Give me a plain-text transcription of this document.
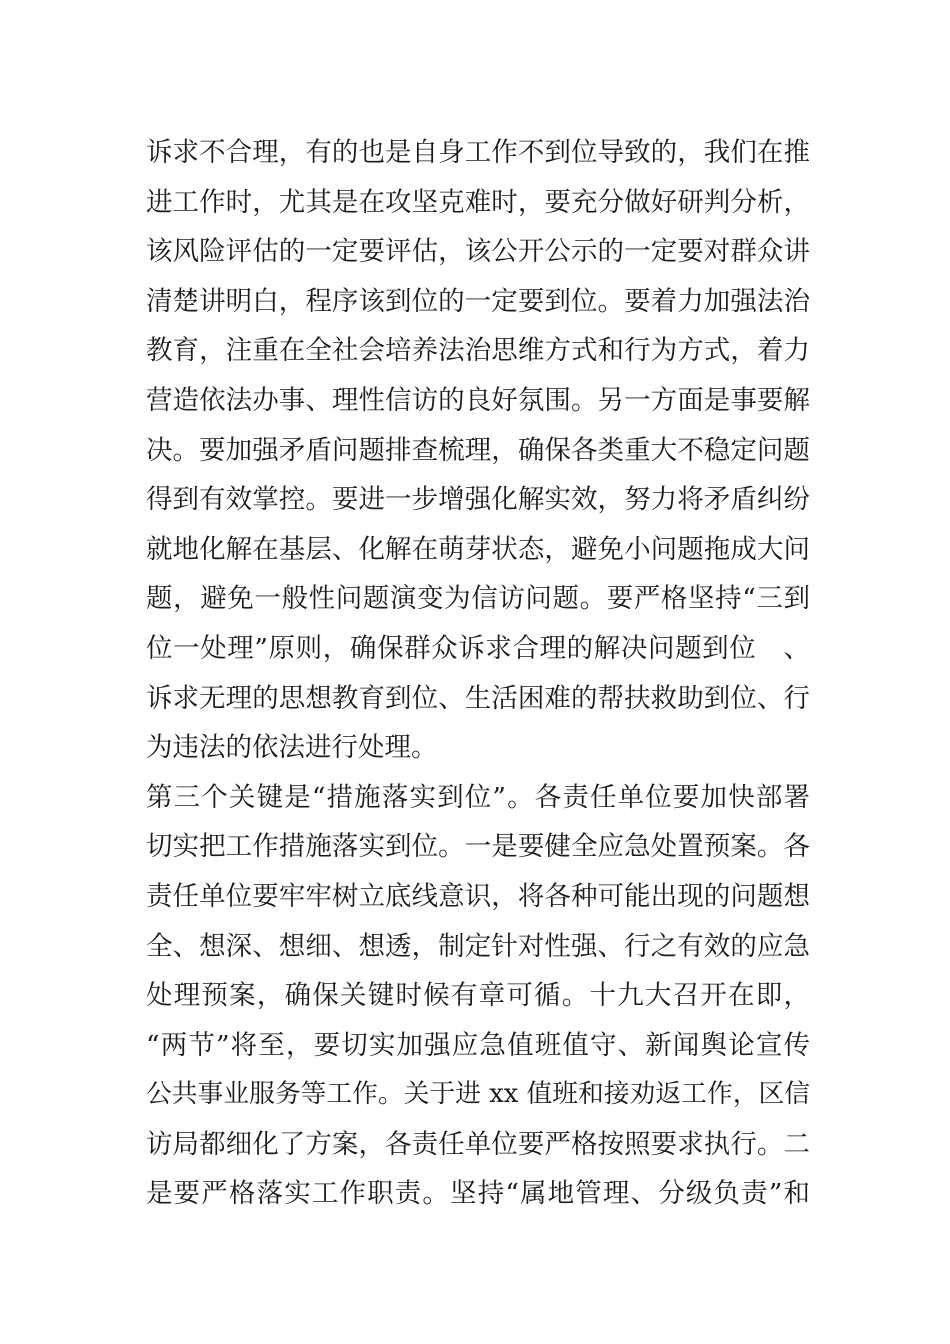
诉求不合理，有的也是自身工作不到位导致的，我们在推
进工作时，尤其是在攻坚克难时，要充分做好研判分析，
该风险评估的一定要评估，该公开公示的一定要对群众讲
清楚讲明白，程序该到位的一定要到位。要着力加强法治
教育，注重在全社会培养法治思维方式和行为方式，着力
营造依法办事、理性信访的良好氛围。另一方面是事要解
决。要加强矛盾问题排查梳理，确保各类重大不稳定问题
得到有效掌控。要进一步增强化解实效，努力将矛盾纠纷
就地化解在基层、化解在萌芽状态，避免小问题拖成大问
题，避免一般性问题演变为信访问题。要严格坚持“三到
位一处理”原则，确保群众诉求合理的解决问题到位　、
诉求无理的思想教育到位、生活困难的帮扶救助到位、行
为违法的依法进行处理。
第三个关键是“措施落实到位”。各责任单位要加快部署
切实把工作措施落实到位。一是要健全应急处置预案。各
责任单位要牢牢树立底线意识，将各种可能出现的问题想
全、想深、想细、想透，制定针对性强、行之有效的应急
处理预案，确保关键时候有章可循。十九大召开在即，
“两节”将至，要切实加强应急值班值守、新闻舆论宣传
公共事业服务等工作。关于进 xx 值班和接劝返工作，区信
访局都细化了方案，各责任单位要严格按照要求执行。二
是要严格落实工作职责。坚持“属地管理、分级负责”和
